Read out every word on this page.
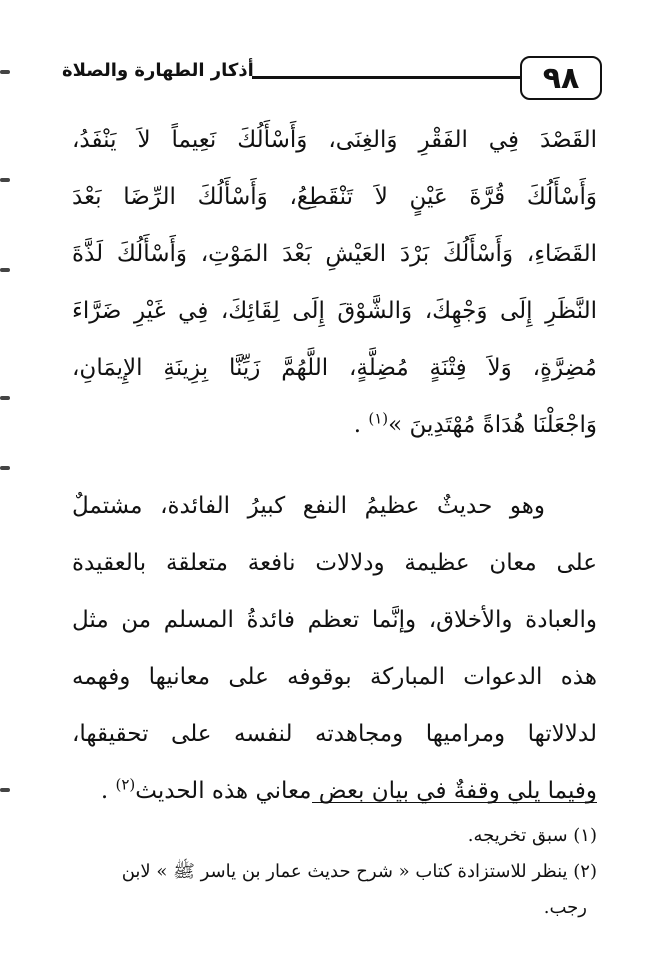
٩٨
أذكار الطهارة والصلاة
القَصْدَ فِي الفَقْرِ وَالغِنَى، وَأَسْأَلُكَ نَعِيماً لاَ يَنْفَدُ،
وَأَسْأَلُكَ قُرَّةَ عَيْنٍ لاَ تَنْقَطِعُ، وَأَسْأَلُكَ الرِّضَا بَعْدَ
القَضَاءِ، وَأَسْأَلُكَ بَرْدَ العَيْشِ بَعْدَ المَوْتِ، وَأَسْأَلُكَ لَذَّةَ
النَّظَرِ إِلَى وَجْهِكَ، وَالشَّوْقَ إِلَى لِقَائِكَ، فِي غَيْرِ ضَرَّاءَ
مُضِرَّةٍ، وَلاَ فِتْنَةٍ مُضِلَّةٍ، اللَّهُمَّ زَيِّنَّا بِزِينَةِ الإِيمَانِ،
وَاجْعَلْنَا هُدَاةً مُهْتَدِينَ »$^{(١)}$ .
وهو حديثٌ عظيمُ النفع كبيرُ الفائدة، مشتملٌ
على معان عظيمة ودلالات نافعة متعلقة بالعقيدة
والعبادة والأخلاق، وإنَّما تعظم فائدةُ المسلم من مثل
هذه الدعوات المباركة بوقوفه على معانيها وفهمه
لدلالاتها ومراميها ومجاهدته لنفسه على تحقيقها،
وفيما يلي وقفةٌ في بيان بعض معاني هذه الحديث$^{(٢)}$ .
(١) سبق تخريجه.
(٢) ينظر للاستزادة كتاب « شرح حديث عمار بن ياسر ﷺ » لابن
رجب.
